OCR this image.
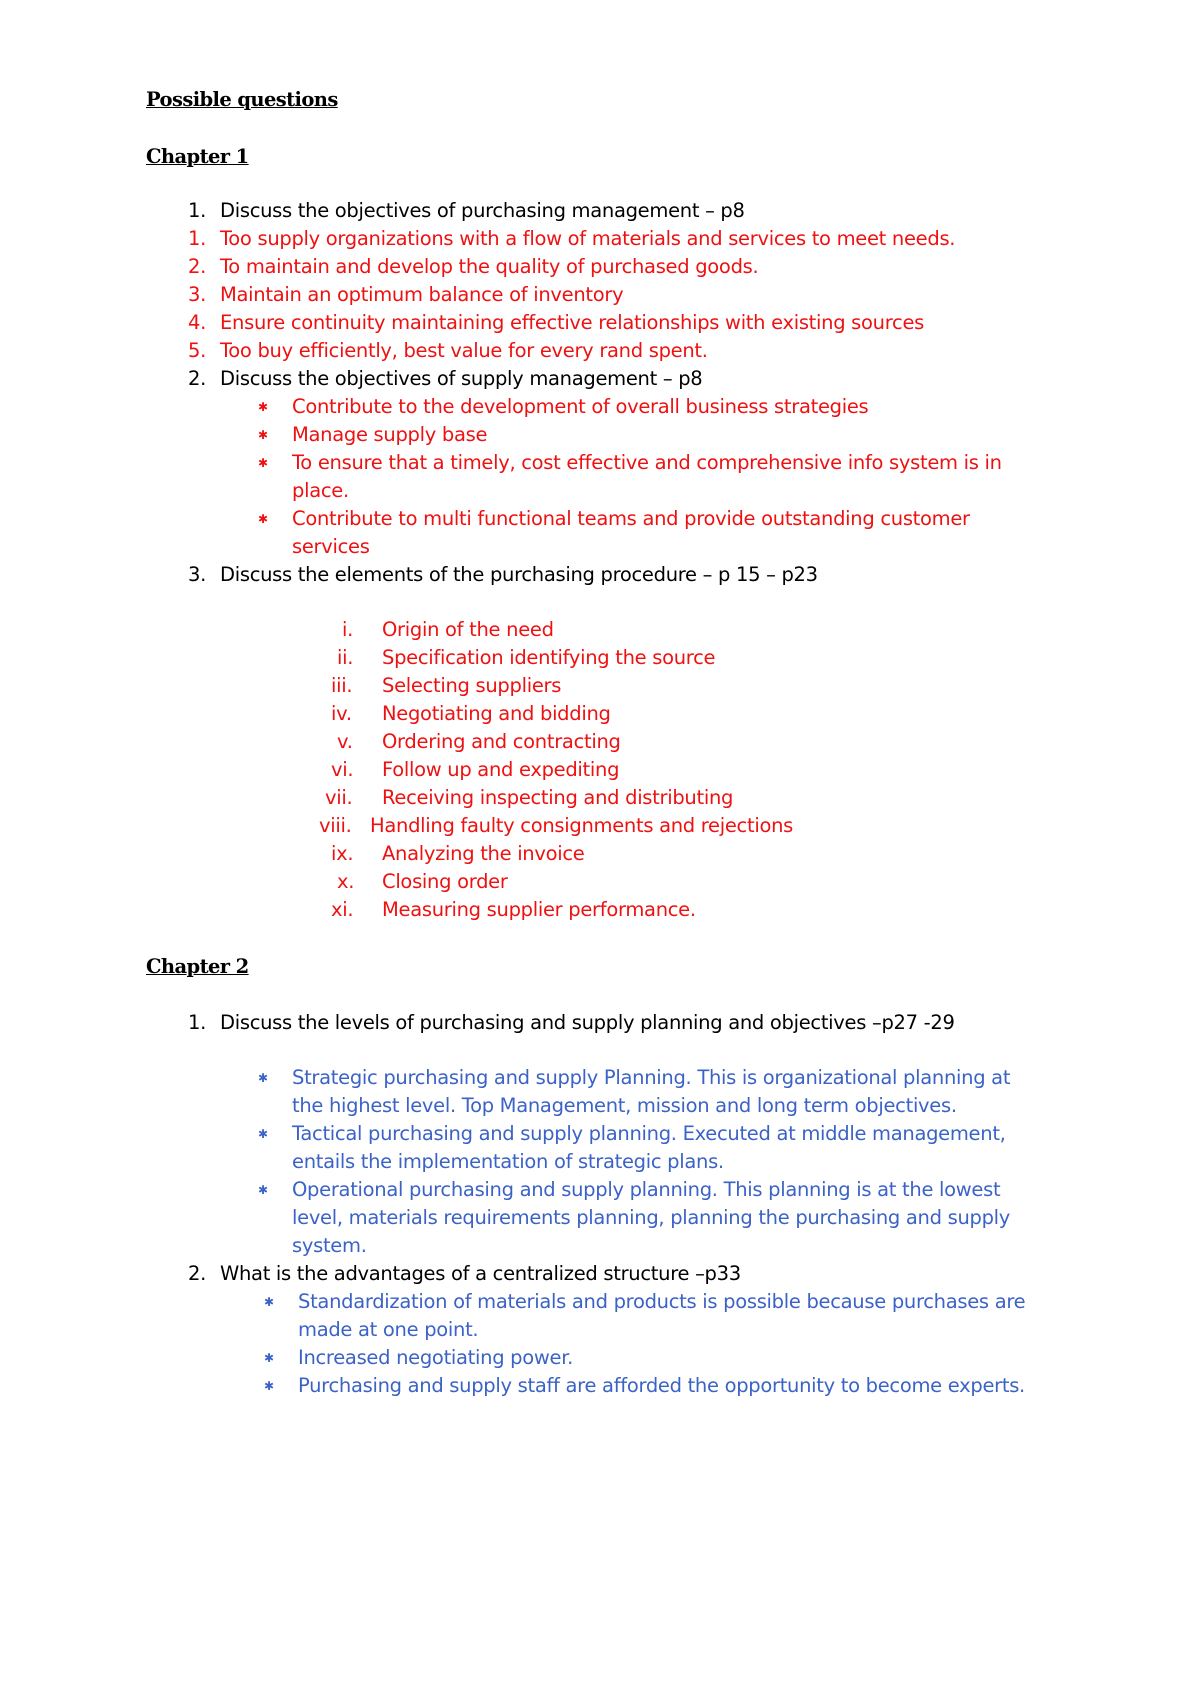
Possible questions
Chapter 1
1. Discuss the objectives of purchasing management – p8
1. Too supply organizations with a flow of materials and services to meet needs.
2. To maintain and develop the quality of purchased goods.
3. Maintain an optimum balance of inventory
4. Ensure continuity maintaining effective relationships with existing sources
5. Too buy efficiently, best value for every rand spent.
2. Discuss the objectives of supply management – p8
✱ Contribute to the development of overall business strategies
✱ Manage supply base
✱ To ensure that a timely, cost effective and comprehensive info system is in
place.
✱ Contribute to multi functional teams and provide outstanding customer
services
3. Discuss the elements of the purchasing procedure – p 15 – p23
i. Origin of the need
ii. Specification identifying the source
iii. Selecting suppliers
iv. Negotiating and bidding
v. Ordering and contracting
vi. Follow up and expediting
vii. Receiving inspecting and distributing
viii. Handling faulty consignments and rejections
ix. Analyzing the invoice
x. Closing order
xi. Measuring supplier performance.
Chapter 2
1. Discuss the levels of purchasing and supply planning and objectives –p27 -29
✱ Strategic purchasing and supply Planning. This is organizational planning at
the highest level. Top Management, mission and long term objectives.
✱ Tactical purchasing and supply planning. Executed at middle management,
entails the implementation of strategic plans.
✱ Operational purchasing and supply planning. This planning is at the lowest
level, materials requirements planning, planning the purchasing and supply
system.
2. What is the advantages of a centralized structure –p33
✱ Standardization of materials and products is possible because purchases are
made at one point.
✱ Increased negotiating power.
✱ Purchasing and supply staff are afforded the opportunity to become experts.
